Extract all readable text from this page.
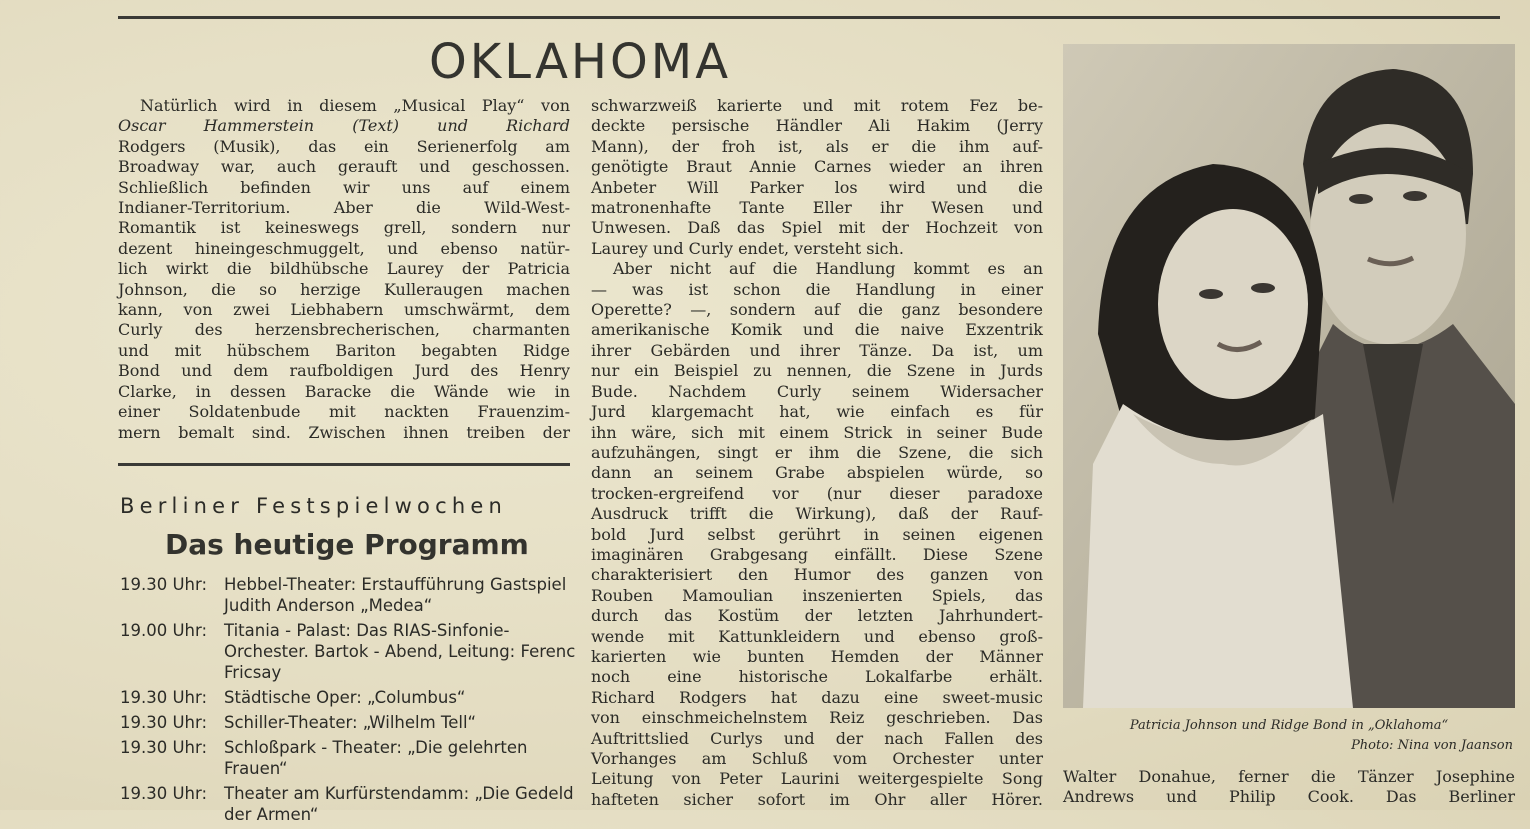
OKLAHOMA

Natürlich wird in diesem „Musical Play“ von
Oscar Hammerstein (Text) und Richard
Rodgers (Musik), das ein Serienerfolg am
Broadway war, auch gerauft und geschossen.
Schließlich befinden wir uns auf einem
Indianer-Territorium. Aber die Wild-West-
Romantik ist keineswegs grell, sondern nur
dezent hineingeschmuggelt, und ebenso natür-
lich wirkt die bildhübsche Laurey der Patricia
Johnson, die so herzige Kulleraugen machen
kann, von zwei Liebhabern umschwärmt, dem
Curly des herzensbrecherischen, charmanten
und mit hübschem Bariton begabten Ridge
Bond und dem raufboldigen Jurd des Henry
Clarke, in dessen Baracke die Wände wie in
einer Soldatenbude mit nackten Frauenzim-
mern bemalt sind. Zwischen ihnen treiben der

Berliner Festspielwochen
Das heutige Programm
19.30 Uhr:	Hebbel-Theater: Erstaufführung Gastspiel Judith Anderson „Medea“
19.00 Uhr:	Titania - Palast: Das RIAS-Sinfonie-Orchester. Bartok - Abend, Leitung: Ferenc Fricsay
19.30 Uhr:	Städtische Oper: „Columbus“
19.30 Uhr:	Schiller-Theater: „Wilhelm Tell“
19.30 Uhr:	Schloßpark - Theater: „Die gelehrten Frauen“
19.30 Uhr:	Theater am Kurfürstendamm: „Die Gedeld der Armen“

schwarzweiß karierte und mit rotem Fez be-
deckte persische Händler Ali Hakim (Jerry
Mann), der froh ist, als er die ihm auf-
genötigte Braut Annie Carnes wieder an ihren
Anbeter Will Parker los wird und die
matronenhafte Tante Eller ihr Wesen und
Unwesen. Daß das Spiel mit der Hochzeit von
Laurey und Curly endet, versteht sich.
Aber nicht auf die Handlung kommt es an
— was ist schon die Handlung in einer
Operette? —, sondern auf die ganz besondere
amerikanische Komik und die naive Exzentrik
ihrer Gebärden und ihrer Tänze. Da ist, um
nur ein Beispiel zu nennen, die Szene in Jurds
Bude. Nachdem Curly seinem Widersacher
Jurd klargemacht hat, wie einfach es für
ihn wäre, sich mit einem Strick in seiner Bude
aufzuhängen, singt er ihm die Szene, die sich
dann an seinem Grabe abspielen würde, so
trocken-ergreifend vor (nur dieser paradoxe
Ausdruck trifft die Wirkung), daß der Rauf-
bold Jurd selbst gerührt in seinen eigenen
imaginären Grabgesang einfällt. Diese Szene
charakterisiert den Humor des ganzen von
Rouben Mamoulian inszenierten Spiels, das
durch das Kostüm der letzten Jahrhundert-
wende mit Kattunkleidern und ebenso groß-
karierten wie bunten Hemden der Männer
noch eine historische Lokalfarbe erhält.
Richard Rodgers hat dazu eine sweet-music
von einschmeichelnstem Reiz geschrieben. Das
Auftrittslied Curlys und der nach Fallen des
Vorhanges am Schluß vom Orchester unter
Leitung von Peter Laurini weitergespielte Song
hafteten sicher sofort im Ohr aller Hörer.

Patricia Johnson und Ridge Bond in „Oklahoma“
Photo: Nina von Jaanson

Walter Donahue, ferner die Tänzer Josephine
Andrews und Philip Cook. Das Berliner
